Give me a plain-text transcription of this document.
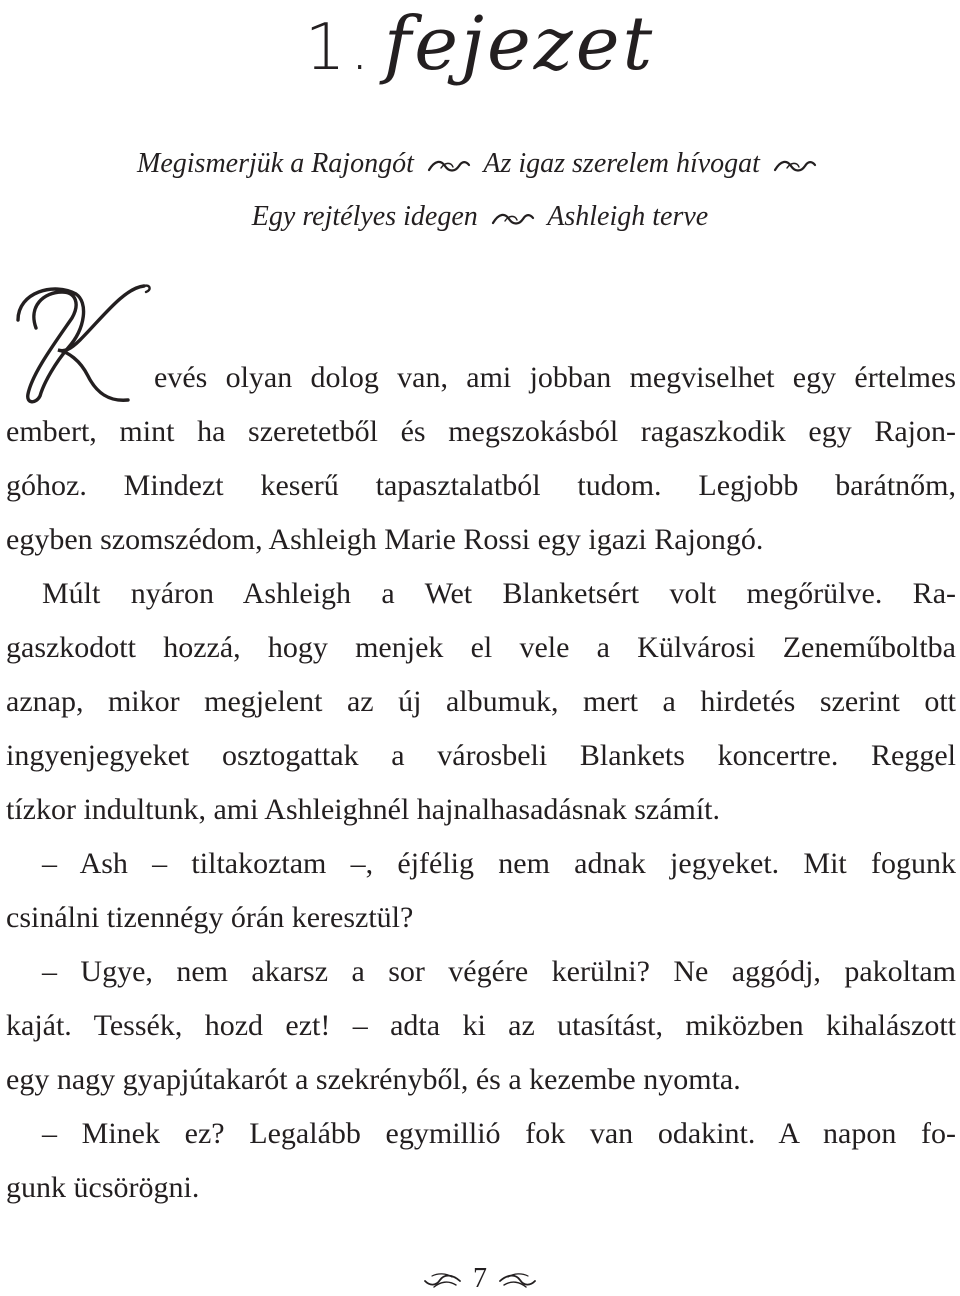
1. fejezet
Megismerjük a Rajongót Az igaz szerelem hívogat
Egy rejtélyes idegen Ashleigh terve
evés olyan dolog van, ami jobban megviselhet egy értelmes
embert, mint ha szeretetből és megszokásból ragaszkodik egy Rajon-
góhoz. Mindezt keserű tapasztalatból tudom. Legjobb barátnőm,
egyben szomszédom, Ashleigh Marie Rossi egy igazi Rajongó.
Múlt nyáron Ashleigh a Wet Blanketsért volt megőrülve. Ra-
gaszkodott hozzá, hogy menjek el vele a Külvárosi Zeneműboltba
aznap, mikor megjelent az új albumuk, mert a hirdetés szerint ott
ingyenjegyeket osztogattak a városbeli Blankets koncertre. Reggel
tízkor indultunk, ami Ashleighnél hajnalhasadásnak számít.
– Ash – tiltakoztam –, éjfélig nem adnak jegyeket. Mit fogunk
csinálni tizennégy órán keresztül?
– Ugye, nem akarsz a sor végére kerülni? Ne aggódj, pakoltam
kaját. Tessék, hozd ezt! – adta ki az utasítást, miközben kihalászott
egy nagy gyapjútakarót a szekrényből, és a kezembe nyomta.
– Minek ez? Legalább egymillió fok van odakint. A napon fo-
gunk ücsörögni.
7
